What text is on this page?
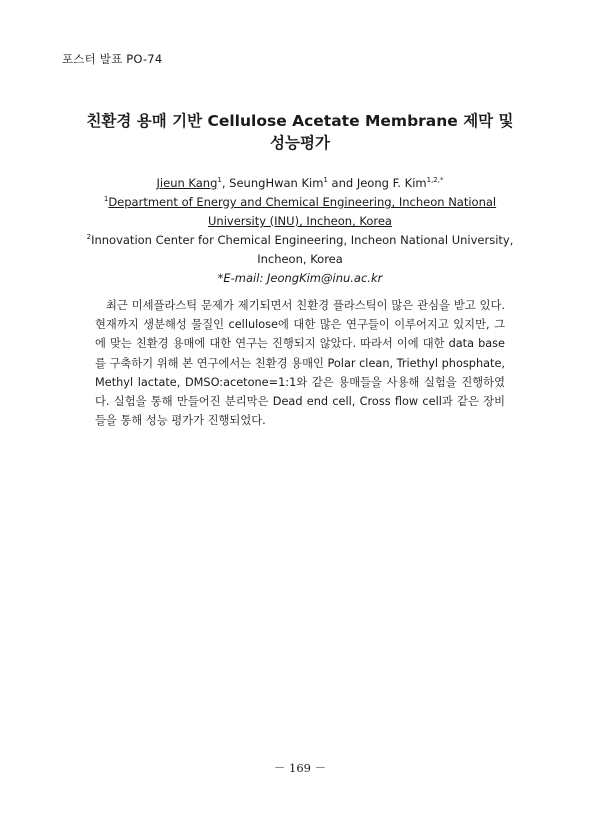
포스터 발표 PO-74
친환경 용매 기반 Cellulose Acetate Membrane 제막 및
성능평가
Jieun Kang$^1$, SeungHwan Kim$^1$ and Jeong F. Kim$^{1,2,*}$
$^1$Department of Energy and Chemical Engineering, Incheon National
University (INU), Incheon, Korea
$^2$Innovation Center for Chemical Engineering, Incheon National University,
Incheon, Korea
*E-mail: JeongKim@inu.ac.kr
최근 미세플라스틱 문제가 제기되면서 친환경 플라스틱이 많은 관심을 받고 있다. 현재까지 생분해성 물질인 cellulose에 대한 많은 연구들이 이루어지고 있지만, 그에 맞는 친환경 용매에 대한 연구는 진행되지 않았다. 따라서 이에 대한 data base를 구축하기 위해 본 연구에서는 친환경 용매인 Polar clean, Triethyl phosphate, Methyl lactate, DMSO:acetone=1:1와 같은 용매들을 사용해 실험을 진행하였다. 실험을 통해 만들어진 분리막은 Dead end cell, Cross flow cell과 같은 장비들을 통해 성능 평가가 진행되었다.
－ 169 －
